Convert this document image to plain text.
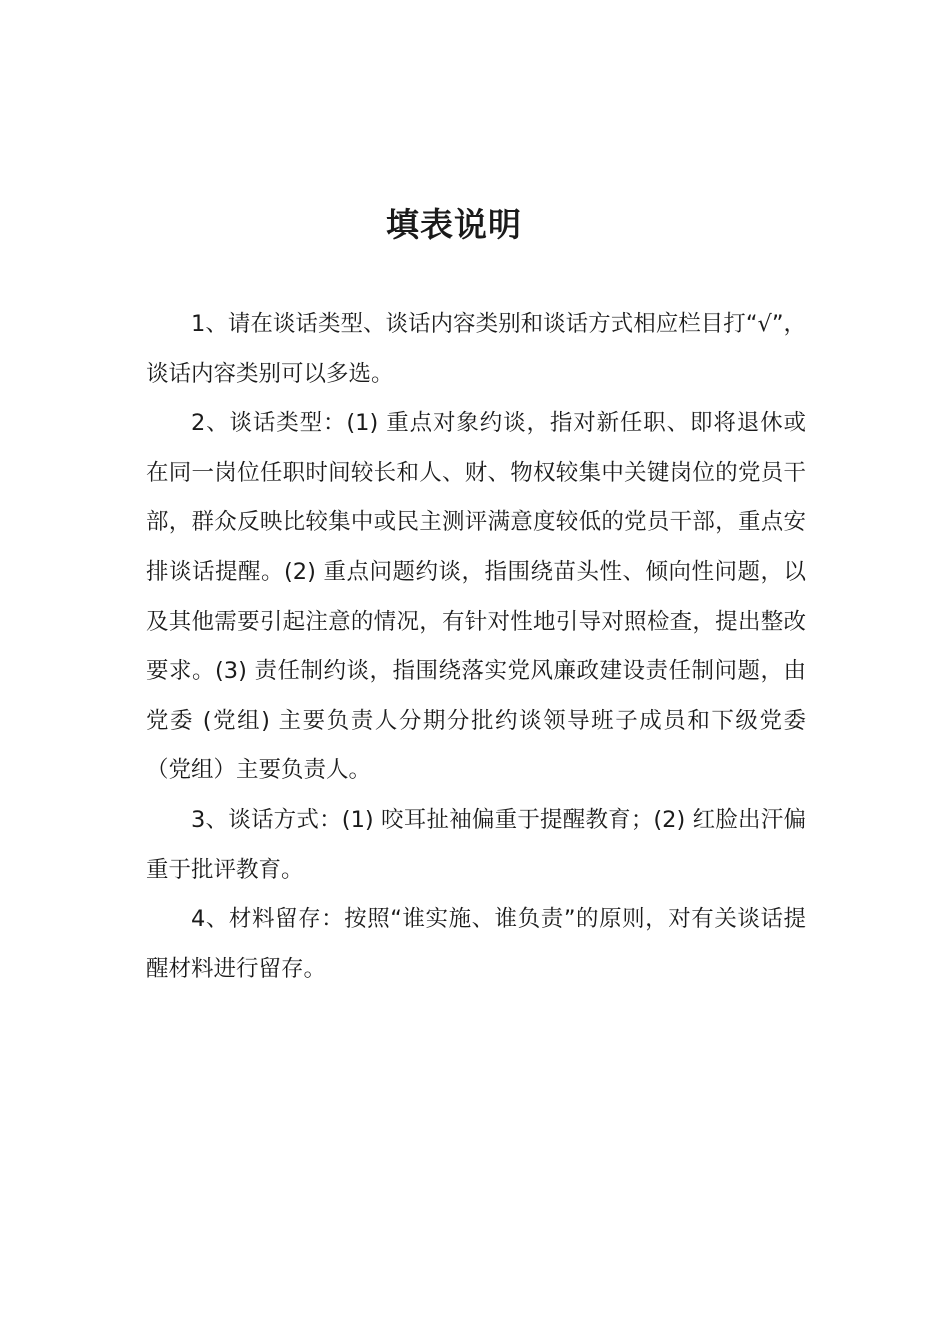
填表说明

1、请在谈话类型、谈话内容类别和谈话方式相应栏目打“√”，谈话内容类别可以多选。

2、谈话类型：(1) 重点对象约谈，指对新任职、即将退休或在同一岗位任职时间较长和人、财、物权较集中关键岗位的党员干部，群众反映比较集中或民主测评满意度较低的党员干部，重点安排谈话提醒。(2) 重点问题约谈，指围绕苗头性、倾向性问题，以及其他需要引起注意的情况，有针对性地引导对照检查，提出整改要求。(3) 责任制约谈，指围绕落实党风廉政建设责任制问题，由党委 (党组) 主要负责人分期分批约谈领导班子成员和下级党委（党组）主要负责人。

3、谈话方式：(1) 咬耳扯袖偏重于提醒教育；(2) 红脸出汗偏重于批评教育。

4、材料留存：按照“谁实施、谁负责”的原则，对有关谈话提醒材料进行留存。
